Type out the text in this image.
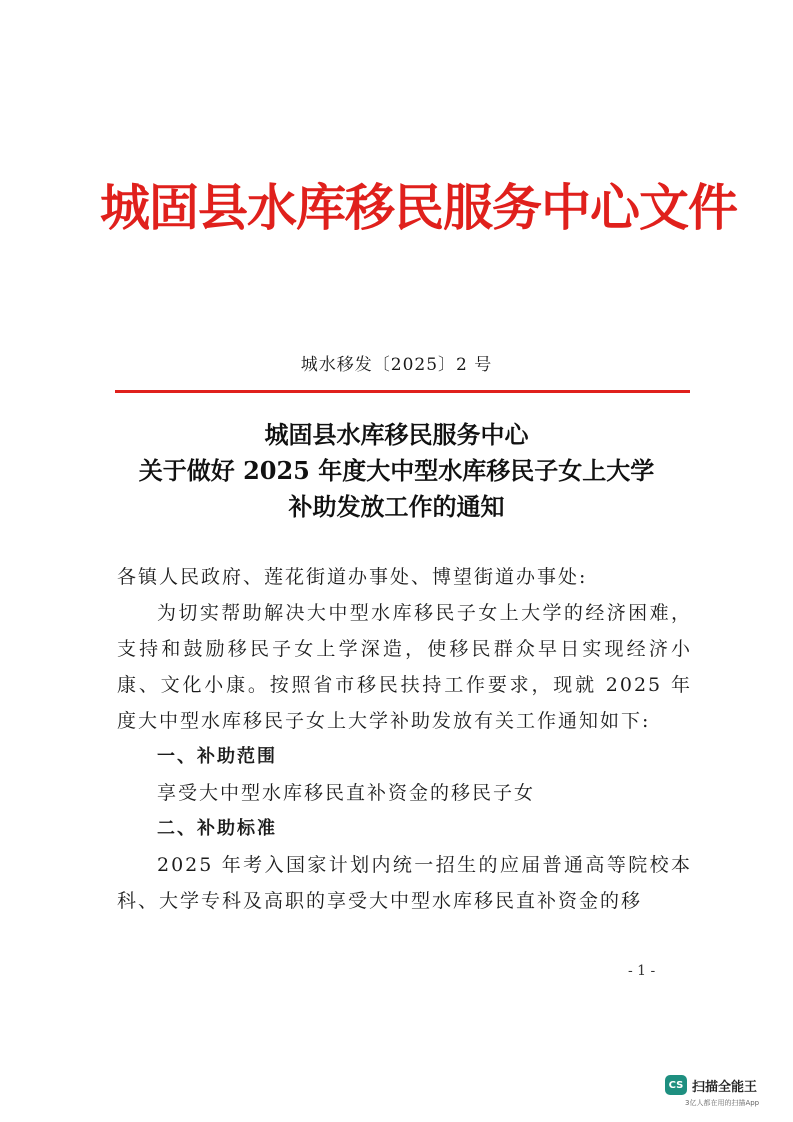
城固县水库移民服务中心文件
城水移发〔2025〕2 号
城固县水库移民服务中心
关于做好 2025 年度大中型水库移民子女上大学
补助发放工作的通知

各镇人民政府、莲花街道办事处、博望街道办事处:

为切实帮助解决大中型水库移民子女上大学的经济困难，支持和鼓励移民子女上学深造，使移民群众早日实现经济小康、文化小康。按照省市移民扶持工作要求，现就 2025 年度大中型水库移民子女上大学补助发放有关工作通知如下:

一、补助范围

享受大中型水库移民直补资金的移民子女

二、补助标准

2025 年考入国家计划内统一招生的应届普通高等院校本科、大学专科及高职的享受大中型水库移民直补资金的移

- 1 -
CS 扫描全能王
3亿人都在用的扫描App
